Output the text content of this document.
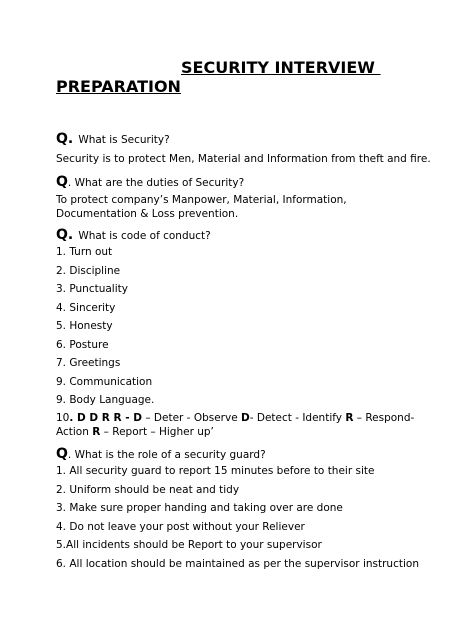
SECURITY INTERVIEW
PREPARATION
Q. What is Security?
Security is to protect Men, Material and Information from theft and fire.
Q. What are the duties of Security?
To protect company’s Manpower, Material, Information, Documentation & Loss prevention.
Q. What is code of conduct?
1. Turn out
2. Discipline
3. Punctuality
4. Sincerity
5. Honesty
6. Posture
7. Greetings
9. Communication
9. Body Language.
10. D D R R - D – Deter - Observe D- Detect - Identify R – Respond- Action R – Report – Higher up’
Q. What is the role of a security guard?
1. All security guard to report 15 minutes before to their site
2. Uniform should be neat and tidy
3. Make sure proper handing and taking over are done
4. Do not leave your post without your Reliever
5.All incidents should be Report to your supervisor
6. All location should be maintained as per the supervisor instruction
